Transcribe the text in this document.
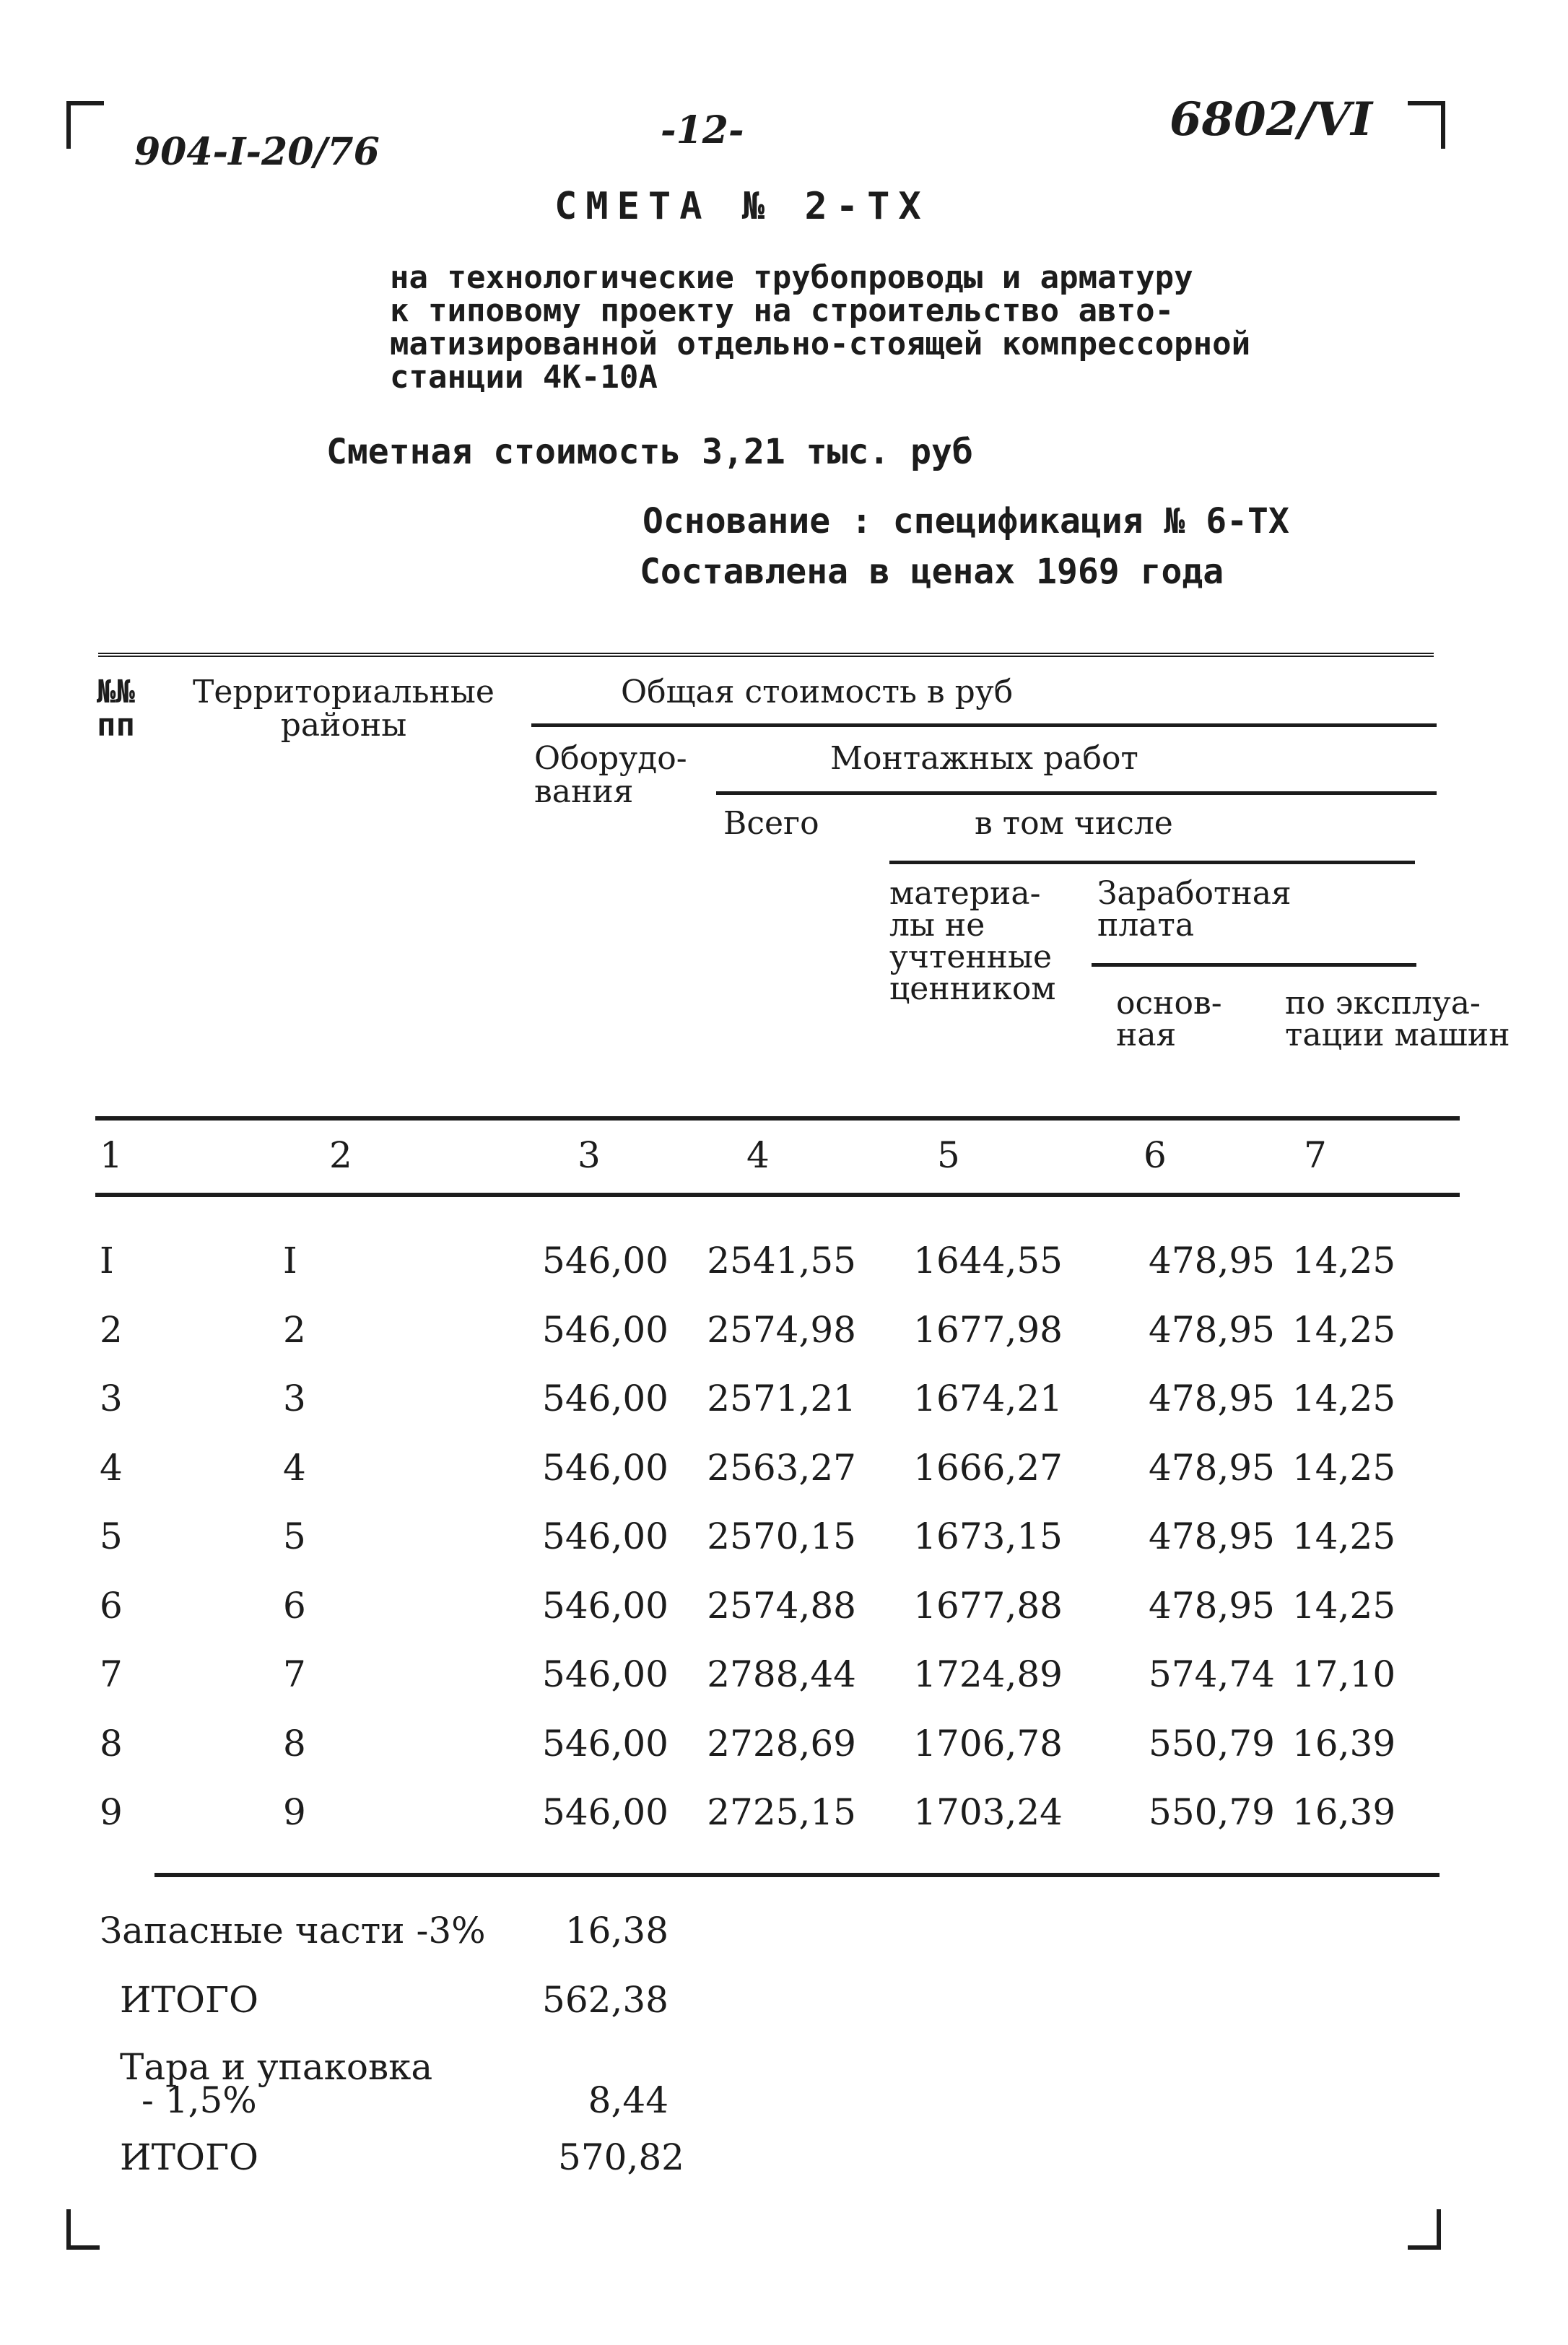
904-I-20/76	-12-	6802/VI
СМЕТА № 2-ТХ
на технологические трубопроводы и арматуру
к типовому проекту на строительство авто-
матизированной отдельно-стоящей компрессорной
станции 4К-10А
Сметная стоимость 3,21 тыс. руб
Основание : спецификация № 6-ТХ
Составлена в ценах 1969 года
№№ пп
Территориальные районы
Общая стоимость в руб
Оборудо- вания
Монтажных работ
Всего	в том числе
материа- лы не учтенные ценником
Заработная плата
основ- ная
по эксплуа- тации машин
1	2	3	4	5	6	7
I	I	546,00	2541,55	1644,55	478,95 14,25
2	2	546,00	2574,98	1677,98	478,95 14,25
3	3	546,00	2571,21	1674,21	478,95 14,25
4	4	546,00	2563,27	1666,27	478,95 14,25
5	5	546,00	2570,15	1673,15	478,95 14,25
6	6	546,00	2574,88	1677,88	478,95 14,25
7	7	546,00	2788,44	1724,89	574,74 17,10
8	8	546,00	2728,69	1706,78	550,79 16,39
9	9	546,00	2725,15	1703,24	550,79 16,39
Запасные части -3%	16,38
ИТОГО	562,38
Тара и упаковка
- 1,5%	8,44
ИТОГО	570,82
